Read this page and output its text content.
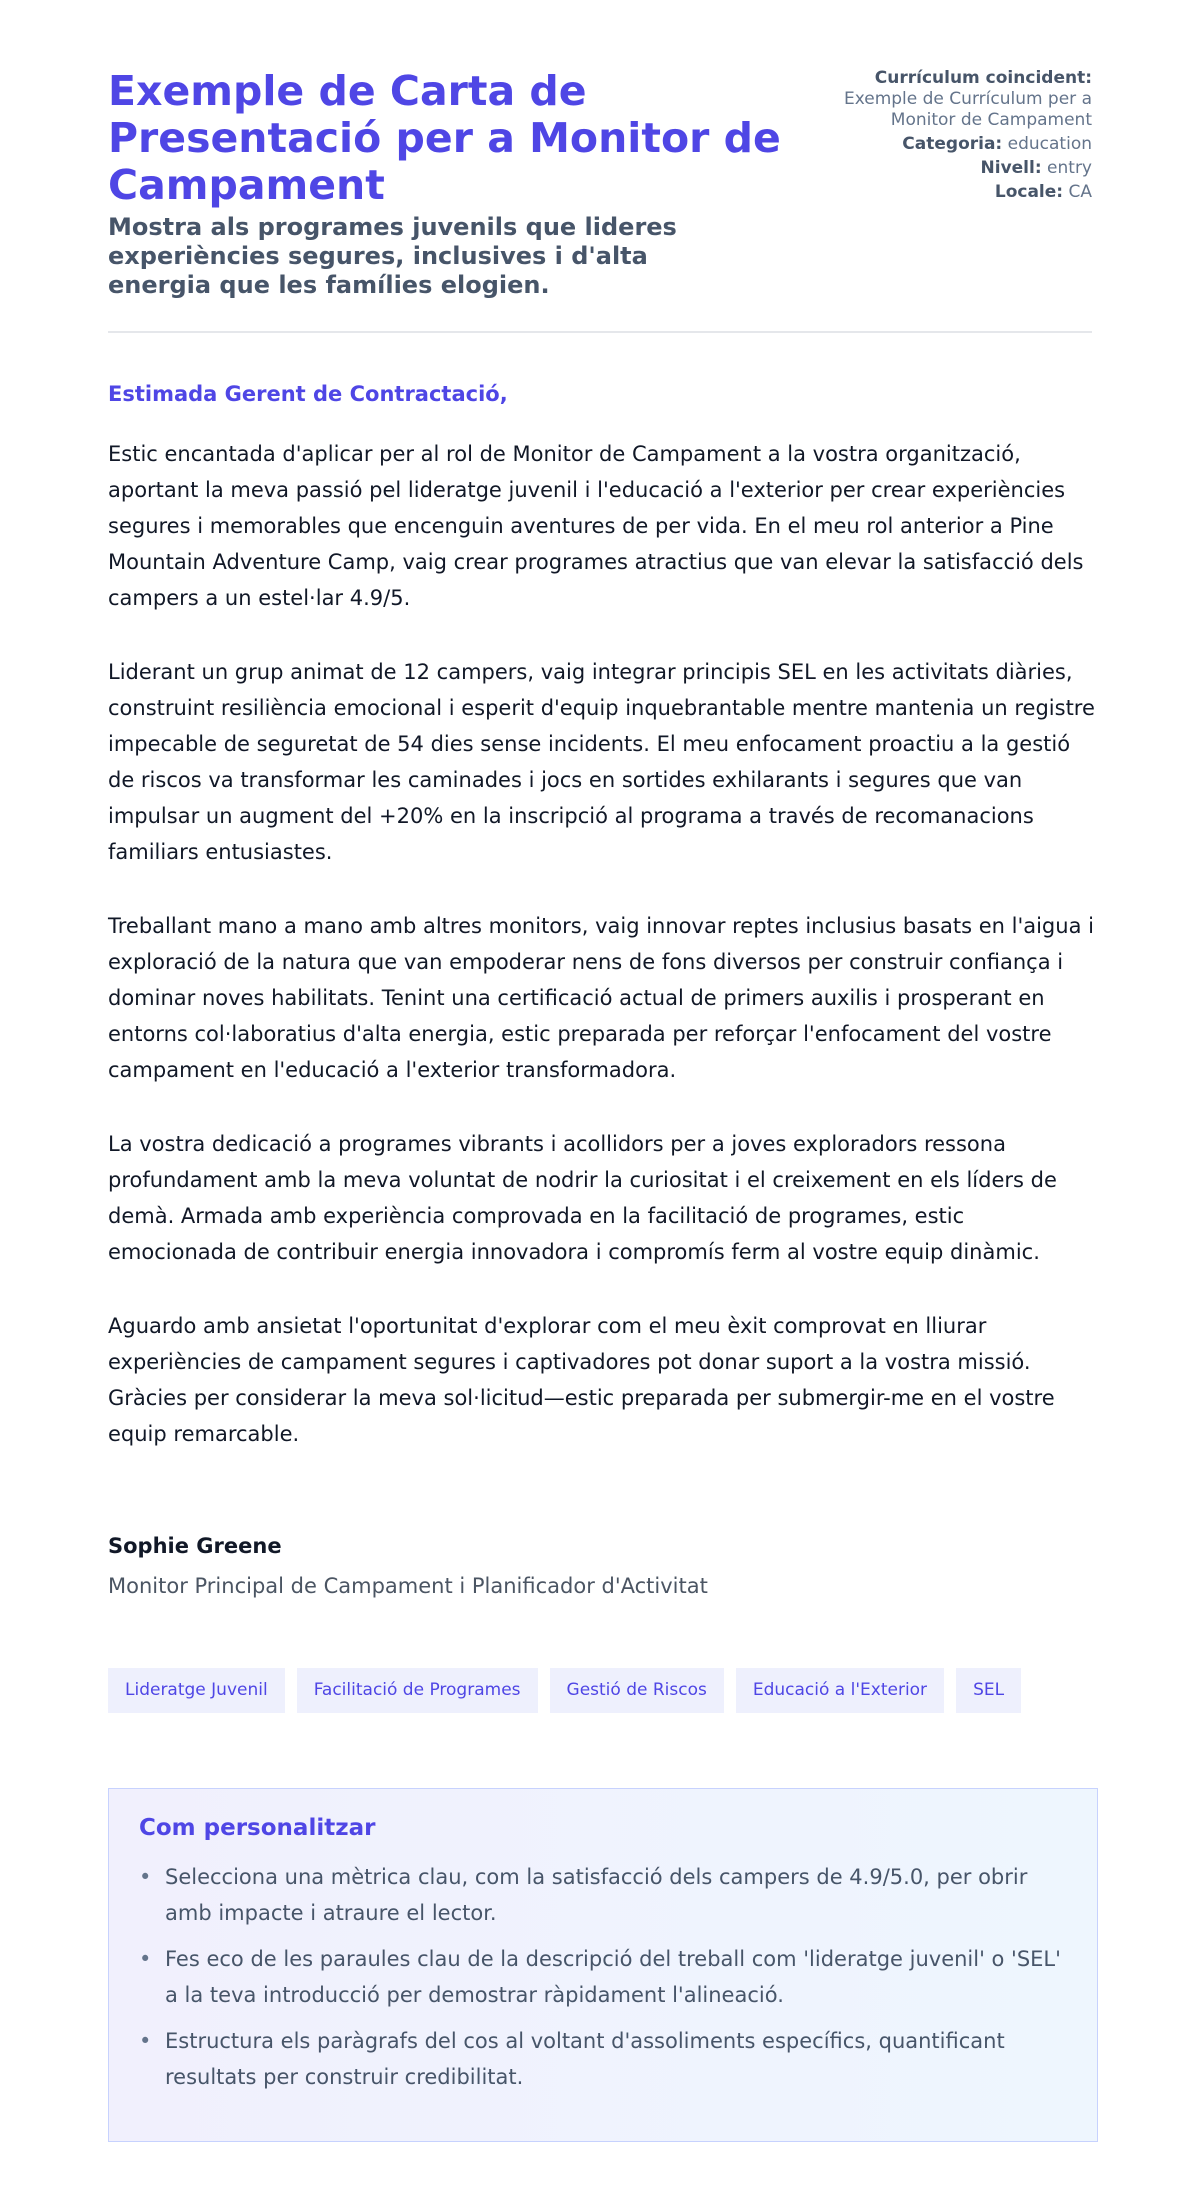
Exemple de Carta de Presentació per a Monitor de Campament
Mostra als programes juvenils que lideres experiències segures, inclusives i d'alta energia que les famílies elogien.
Currículum coincident:
Exemple de Currículum per a Monitor de Campament
Categoria: education
Nivell: entry
Locale: CA
Estimada Gerent de Contractació,

Estic encantada d'aplicar per al rol de Monitor de Campament a la vostra organització, aportant la meva passió pel lideratge juvenil i l'educació a l'exterior per crear experiències segures i memorables que encenguin aventures de per vida. En el meu rol anterior a Pine Mountain Adventure Camp, vaig crear programes atractius que van elevar la satisfacció dels campers a un estel·lar 4.9/5.

Liderant un grup animat de 12 campers, vaig integrar principis SEL en les activitats diàries, construint resiliència emocional i esperit d'equip inquebrantable mentre mantenia un registre impecable de seguretat de 54 dies sense incidents. El meu enfocament proactiu a la gestió de riscos va transformar les caminades i jocs en sortides exhilarants i segures que van impulsar un augment del +20% en la inscripció al programa a través de recomanacions familiars entusiastes.

Treballant mano a mano amb altres monitors, vaig innovar reptes inclusius basats en l'aigua i exploració de la natura que van empoderar nens de fons diversos per construir confiança i dominar noves habilitats. Tenint una certificació actual de primers auxilis i prosperant en entorns col·laboratius d'alta energia, estic preparada per reforçar l'enfocament del vostre campament en l'educació a l'exterior transformadora.

La vostra dedicació a programes vibrants i acollidors per a joves exploradors ressona profundament amb la meva voluntat de nodrir la curiositat i el creixement en els líders de demà. Armada amb experiència comprovada en la facilitació de programes, estic emocionada de contribuir energia innovadora i compromís ferm al vostre equip dinàmic.

Aguardo amb ansietat l'oportunitat d'explorar com el meu èxit comprovat en lliurar experiències de campament segures i captivadores pot donar suport a la vostra missió. Gràcies per considerar la meva sol·licitud—estic preparada per submergir-me en el vostre equip remarcable.

Sophie Greene
Monitor Principal de Campament i Planificador d'Activitat
Lideratge Juvenil	Facilitació de Programes	Gestió de Riscos	Educació a l'Exterior	SEL
Com personalitzar
• Selecciona una mètrica clau, com la satisfacció dels campers de 4.9/5.0, per obrir amb impacte i atraure el lector.
• Fes eco de les paraules clau de la descripció del treball com 'lideratge juvenil' o 'SEL' a la teva introducció per demostrar ràpidament l'alineació.
• Estructura els paràgrafs del cos al voltant d'assoliments específics, quantificant resultats per construir credibilitat.
